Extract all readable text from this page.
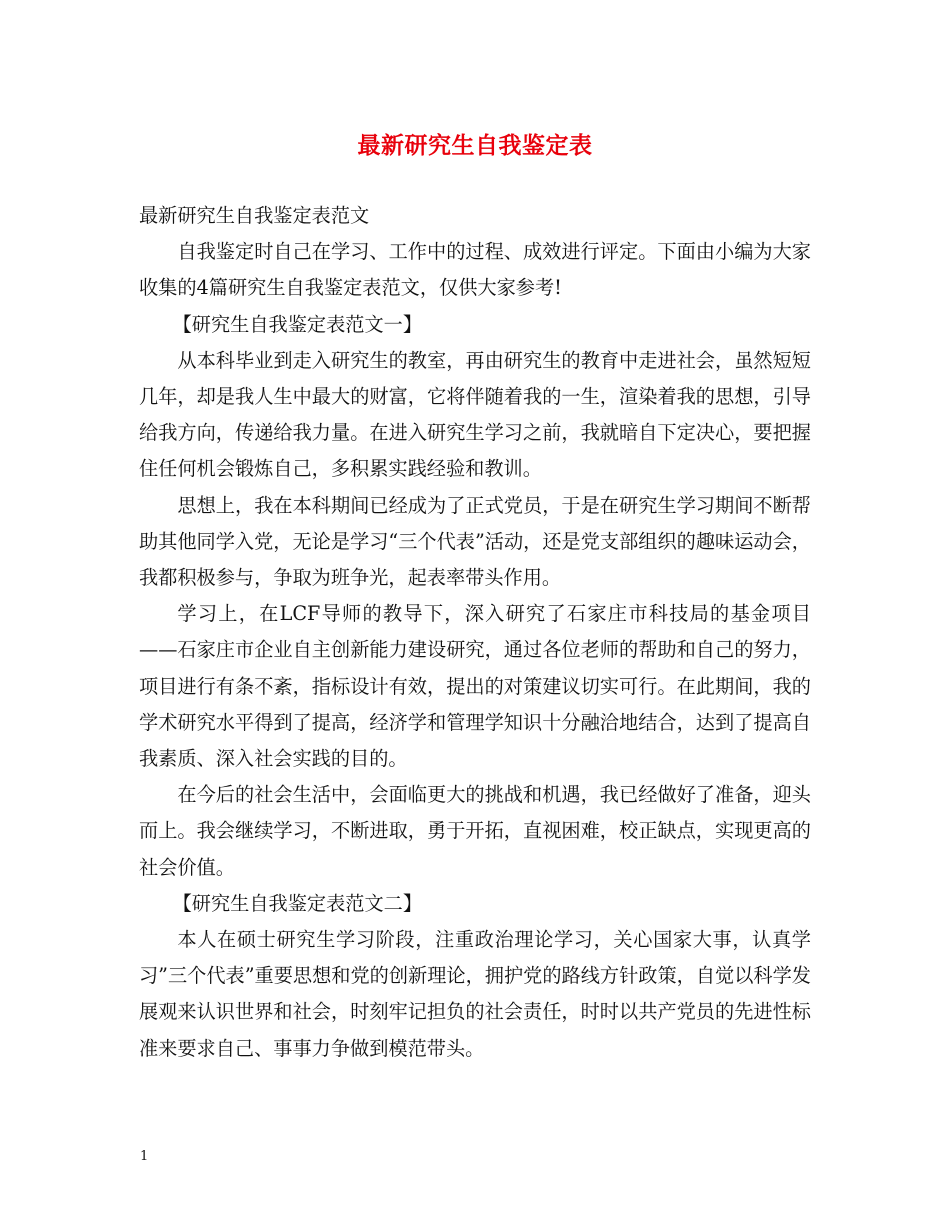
最新研究生自我鉴定表

最新研究生自我鉴定表范文

自我鉴定时自己在学习、工作中的过程、成效进行评定。下面由小编为大家收集的4篇研究生自我鉴定表范文，仅供大家参考!

【研究生自我鉴定表范文一】

从本科毕业到走入研究生的教室，再由研究生的教育中走进社会，虽然短短几年，却是我人生中最大的财富，它将伴随着我的一生，渲染着我的思想，引导给我方向，传递给我力量。在进入研究生学习之前，我就暗自下定决心，要把握住任何机会锻炼自己，多积累实践经验和教训。

思想上，我在本科期间已经成为了正式党员，于是在研究生学习期间不断帮助其他同学入党，无论是学习“三个代表”活动，还是党支部组织的趣味运动会，我都积极参与，争取为班争光，起表率带头作用。

学习上，在LCF导师的教导下，深入研究了石家庄市科技局的基金项目——石家庄市企业自主创新能力建设研究，通过各位老师的帮助和自己的努力，项目进行有条不紊，指标设计有效，提出的对策建议切实可行。在此期间，我的学术研究水平得到了提高，经济学和管理学知识十分融洽地结合，达到了提高自我素质、深入社会实践的目的。

在今后的社会生活中，会面临更大的挑战和机遇，我已经做好了准备，迎头而上。我会继续学习，不断进取，勇于开拓，直视困难，校正缺点，实现更高的社会价值。

【研究生自我鉴定表范文二】

本人在硕士研究生学习阶段，注重政治理论学习，关心国家大事，认真学习”三个代表”重要思想和党的创新理论，拥护党的路线方针政策，自觉以科学发展观来认识世界和社会，时刻牢记担负的社会责任，时时以共产党员的先进性标准来要求自己、事事力争做到模范带头。

1
